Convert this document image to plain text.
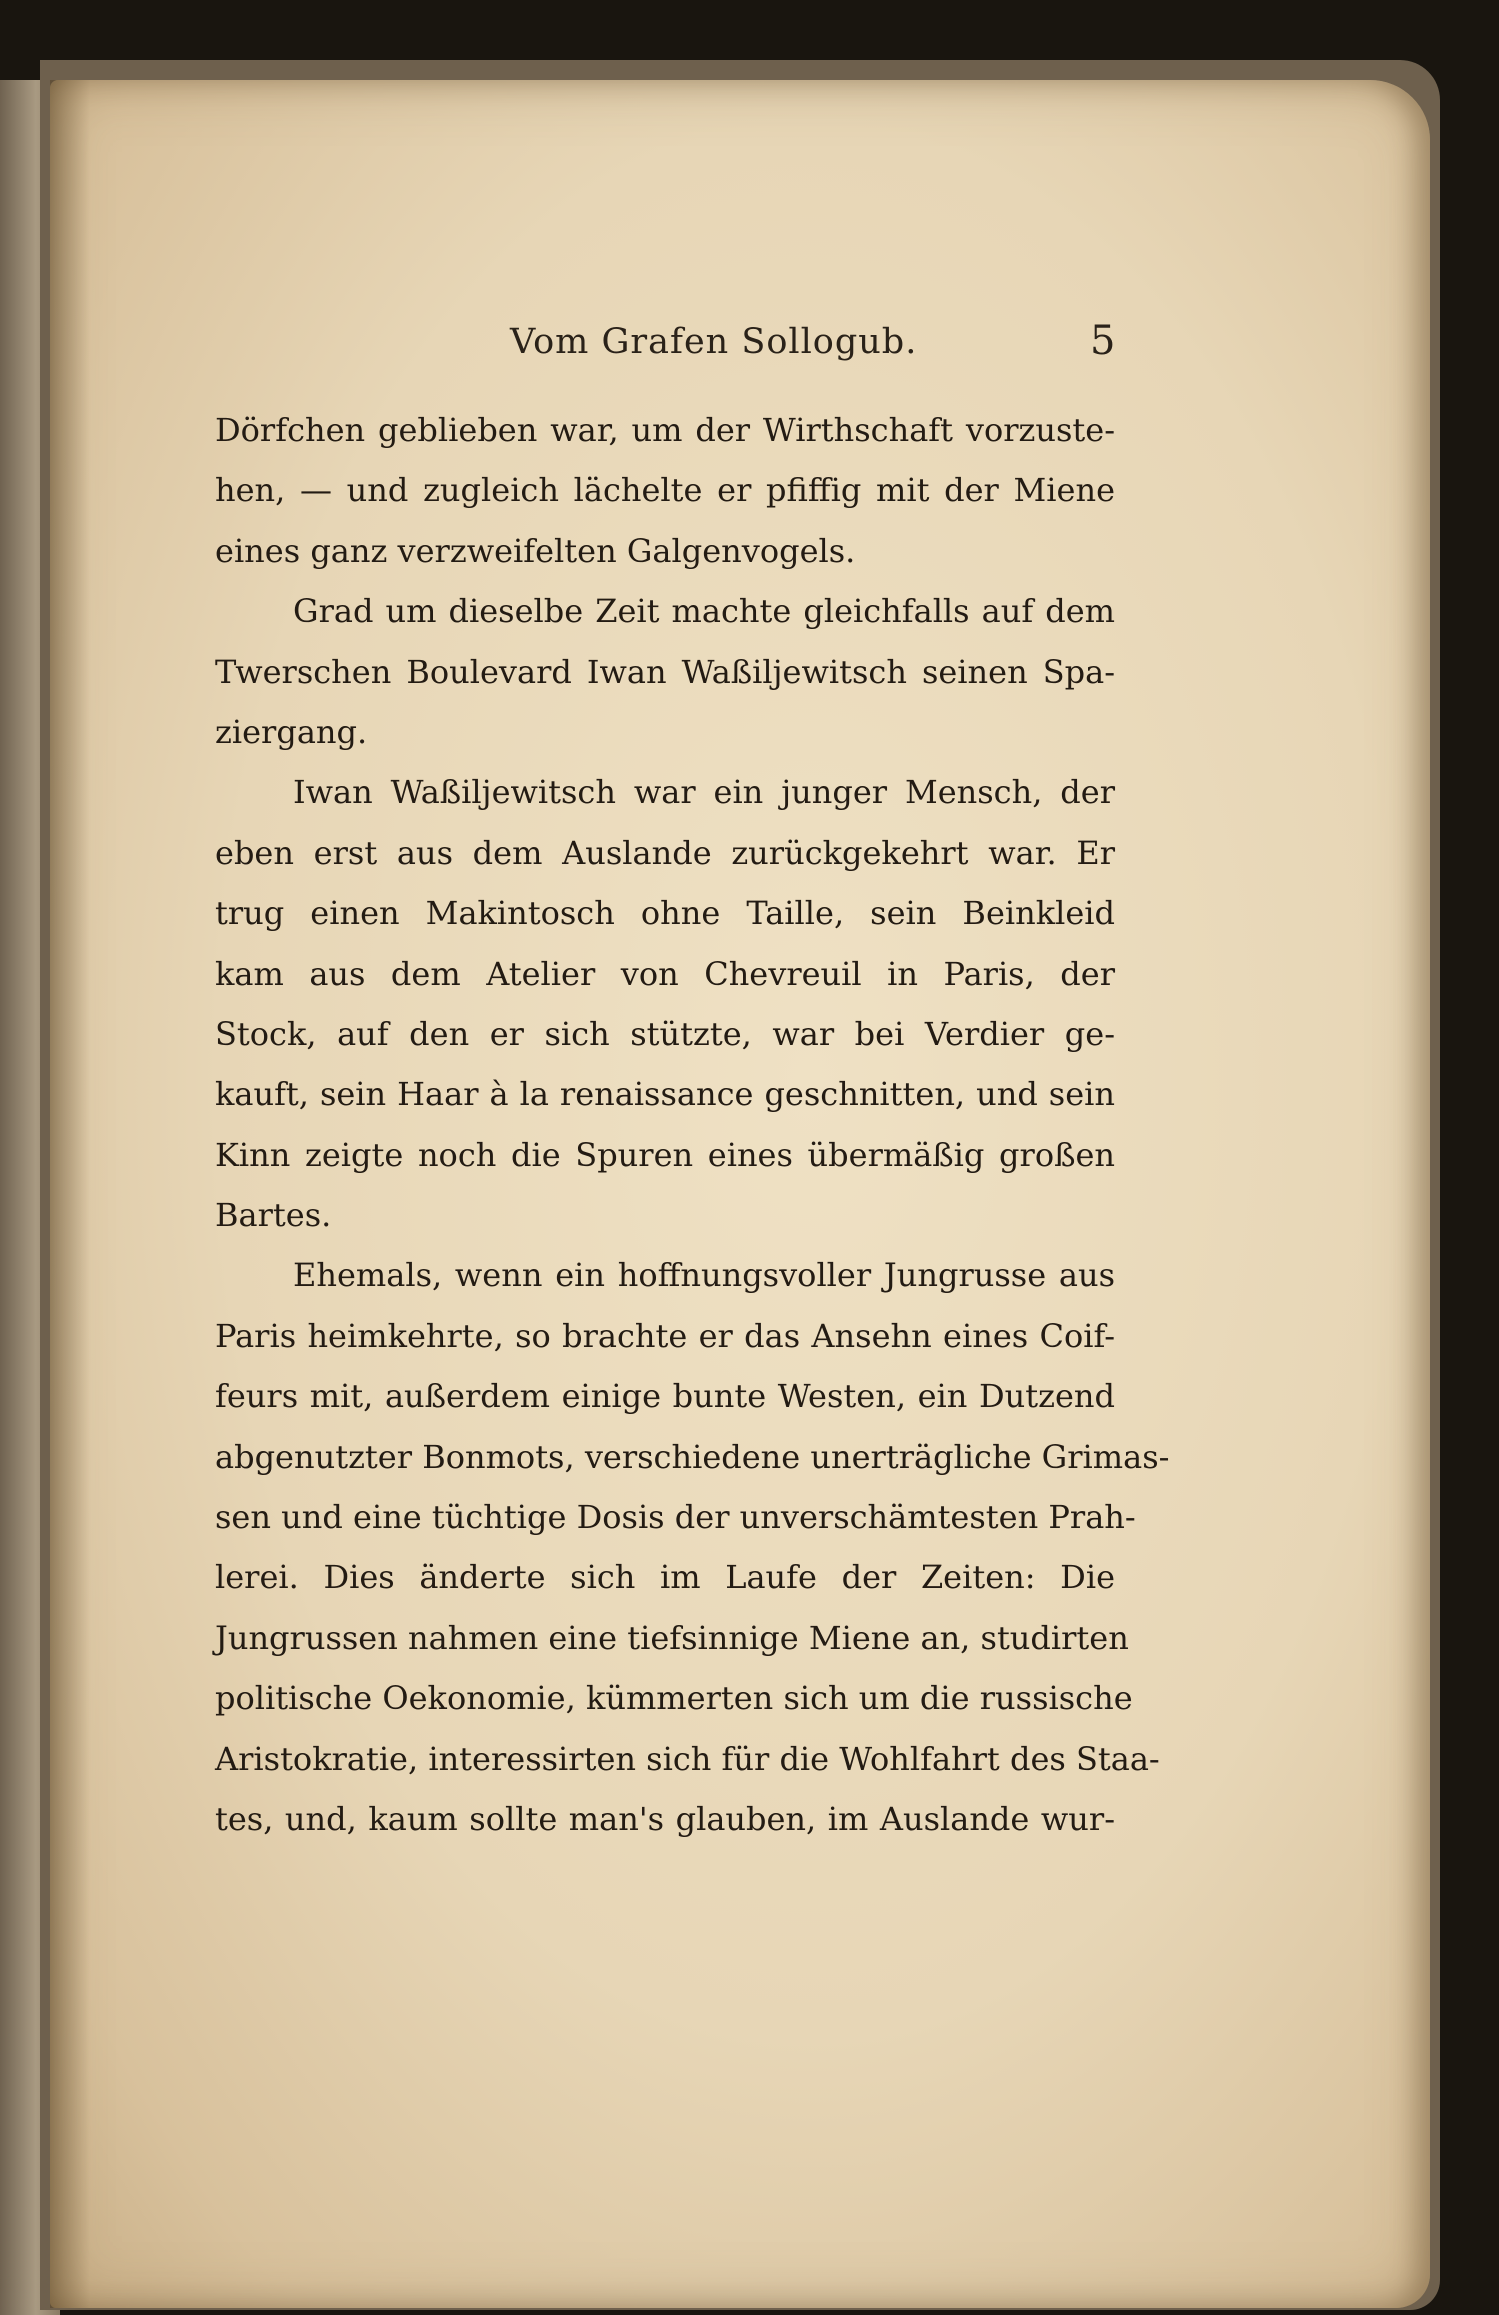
Vom Grafen Sollogub.	5
Dörfchen geblieben war, um der Wirthschaft vorzuste-
hen, — und zugleich lächelte er pfiffig mit der Miene
eines ganz verzweifelten Galgenvogels.
Grad um dieselbe Zeit machte gleichfalls auf dem
Twerschen Boulevard Iwan Waßiljewitsch seinen Spa-
ziergang.
Iwan Waßiljewitsch war ein junger Mensch, der
eben erst aus dem Auslande zurückgekehrt war. Er
trug einen Makintosch ohne Taille, sein Beinkleid
kam aus dem Atelier von Chevreuil in Paris, der
Stock, auf den er sich stützte, war bei Verdier ge-
kauft, sein Haar à la renaissance geschnitten, und sein
Kinn zeigte noch die Spuren eines übermäßig großen
Bartes.
Ehemals, wenn ein hoffnungsvoller Jungrusse aus
Paris heimkehrte, so brachte er das Ansehn eines Coif-
feurs mit, außerdem einige bunte Westen, ein Dutzend
abgenutzter Bonmots, verschiedene unerträgliche Grimas-
sen und eine tüchtige Dosis der unverschämtesten Prah-
lerei. Dies änderte sich im Laufe der Zeiten: Die
Jungrussen nahmen eine tiefsinnige Miene an, studirten
politische Oekonomie, kümmerten sich um die russische
Aristokratie, interessirten sich für die Wohlfahrt des Staa-
tes, und, kaum sollte man's glauben, im Auslande wur-
